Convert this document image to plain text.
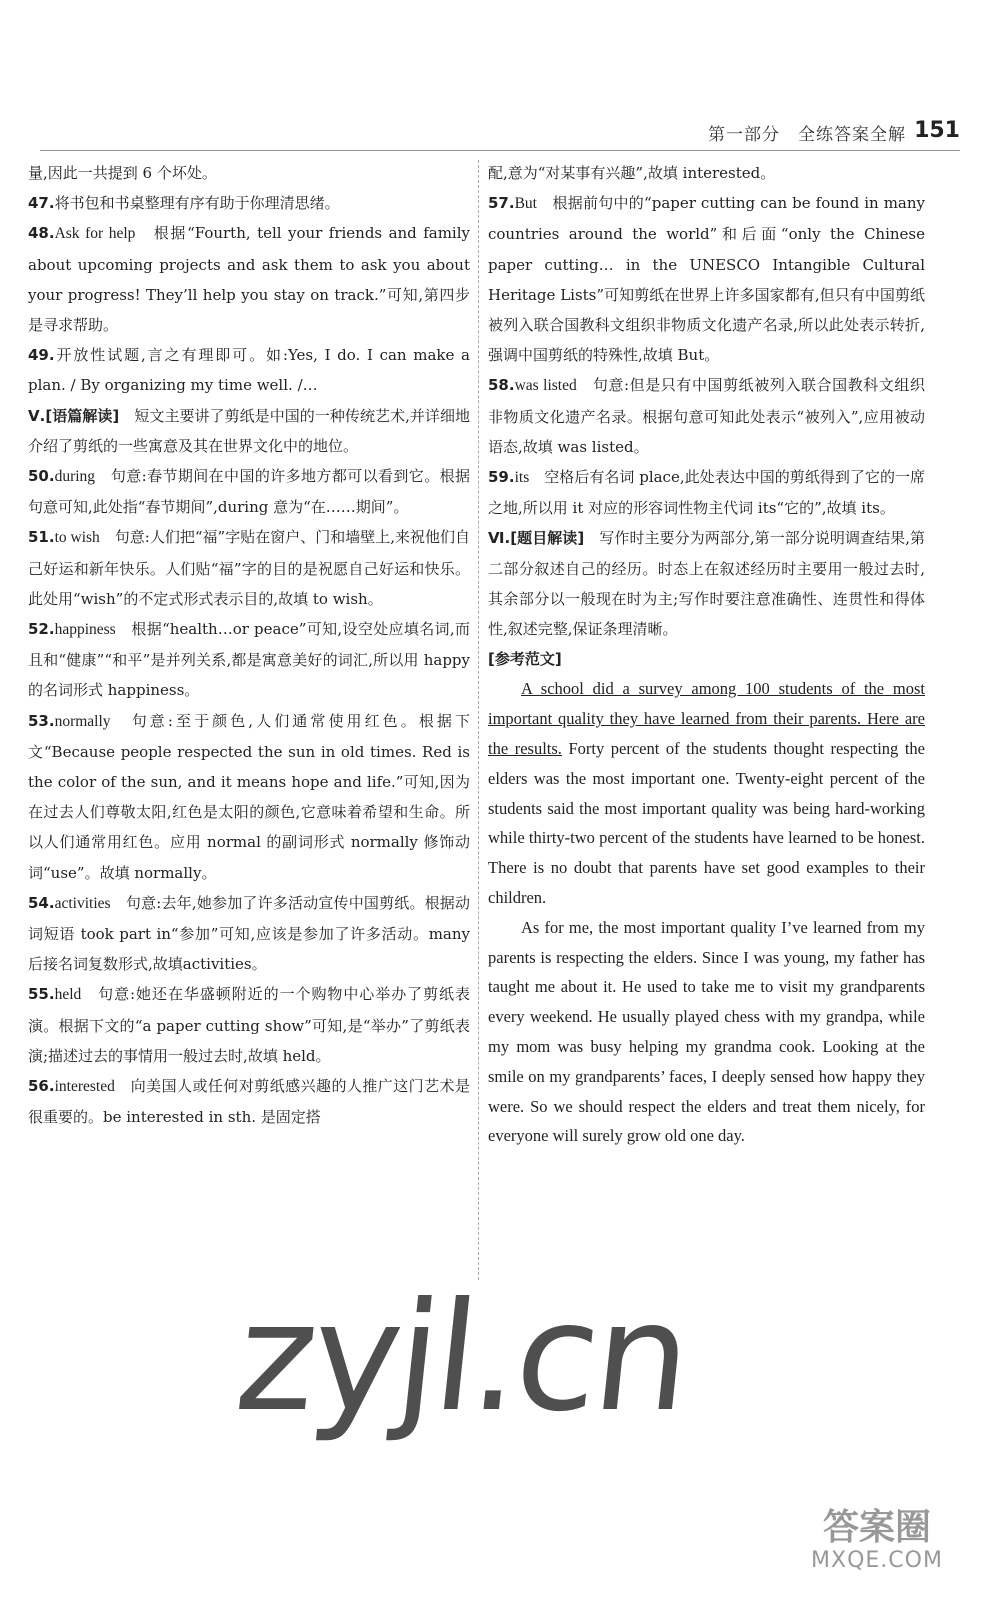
第一部分　全练答案全解 151

量,因此一共提到 6 个坏处。

47.将书包和书桌整理有序有助于你理清思绪。

48.Ask for help　根据“Fourth, tell your friends and family about upcoming projects and ask them to ask you about your progress! They’ll help you stay on track.”可知,第四步是寻求帮助。

49.开放性试题,言之有理即可。如:Yes, I do. I can make a plan. / By organizing my time well. /…

Ⅴ.[语篇解读]　短文主要讲了剪纸是中国的一种传统艺术,并详细地介绍了剪纸的一些寓意及其在世界文化中的地位。

50.during　句意:春节期间在中国的许多地方都可以看到它。根据句意可知,此处指“春节期间”,during 意为“在……期间”。

51.to wish　句意:人们把“福”字贴在窗户、门和墙壁上,来祝他们自己好运和新年快乐。人们贴“福”字的目的是祝愿自己好运和快乐。此处用“wish”的不定式形式表示目的,故填 to wish。

52.happiness　根据“health…or peace”可知,设空处应填名词,而且和“健康”“和平”是并列关系,都是寓意美好的词汇,所以用 happy 的名词形式 happiness。

53.normally　句意:至于颜色,人们通常使用红色。根据下文“Because people respected the sun in old times. Red is the color of the sun, and it means hope and life.”可知,因为在过去人们尊敬太阳,红色是太阳的颜色,它意味着希望和生命。所以人们通常用红色。应用 normal 的副词形式 normally 修饰动词“use”。故填 normally。

54.activities　句意:去年,她参加了许多活动宣传中国剪纸。根据动词短语 took part in“参加”可知,应该是参加了许多活动。many 后接名词复数形式,故填activities。

55.held　句意:她还在华盛顿附近的一个购物中心举办了剪纸表演。根据下文的“a paper cutting show”可知,是“举办”了剪纸表演;描述过去的事情用一般过去时,故填 held。

56.interested　向美国人或任何对剪纸感兴趣的人推广这门艺术是很重要的。be interested in sth. 是固定搭

配,意为“对某事有兴趣”,故填 interested。

57.But　根据前句中的“paper cutting can be found in many countries around the world”和后面“only the Chinese paper cutting… in the UNESCO Intangible Cultural Heritage Lists”可知剪纸在世界上许多国家都有,但只有中国剪纸被列入联合国教科文组织非物质文化遗产名录,所以此处表示转折,强调中国剪纸的特殊性,故填 But。

58.was listed　句意:但是只有中国剪纸被列入联合国教科文组织非物质文化遗产名录。根据句意可知此处表示“被列入”,应用被动语态,故填 was listed。

59.its　空格后有名词 place,此处表达中国的剪纸得到了它的一席之地,所以用 it 对应的形容词性物主代词 its“它的”,故填 its。

Ⅵ.[题目解读]　写作时主要分为两部分,第一部分说明调查结果,第二部分叙述自己的经历。时态上在叙述经历时主要用一般过去时,其余部分以一般现在时为主;写作时要注意准确性、连贯性和得体性,叙述完整,保证条理清晰。

[参考范文]

A school did a survey among 100 students of the most important quality they have learned from their parents. Here are the results. Forty percent of the students thought respecting the elders was the most important one. Twenty-eight percent of the students said the most important quality was being hard-working while thirty-two percent of the students have learned to be honest. There is no doubt that parents have set good examples to their children.

As for me, the most important quality I’ve learned from my parents is respecting the elders. Since I was young, my father has taught me about it. He used to take me to visit my grandparents every weekend. He usually played chess with my grandpa, while my mom was busy helping my grandma cook. Looking at the smile on my grandparents’ faces, I deeply sensed how happy they were. So we should respect the elders and treat them nicely, for everyone will surely grow old one day.

zyjl.cn
答案圈
MXQE.COM
